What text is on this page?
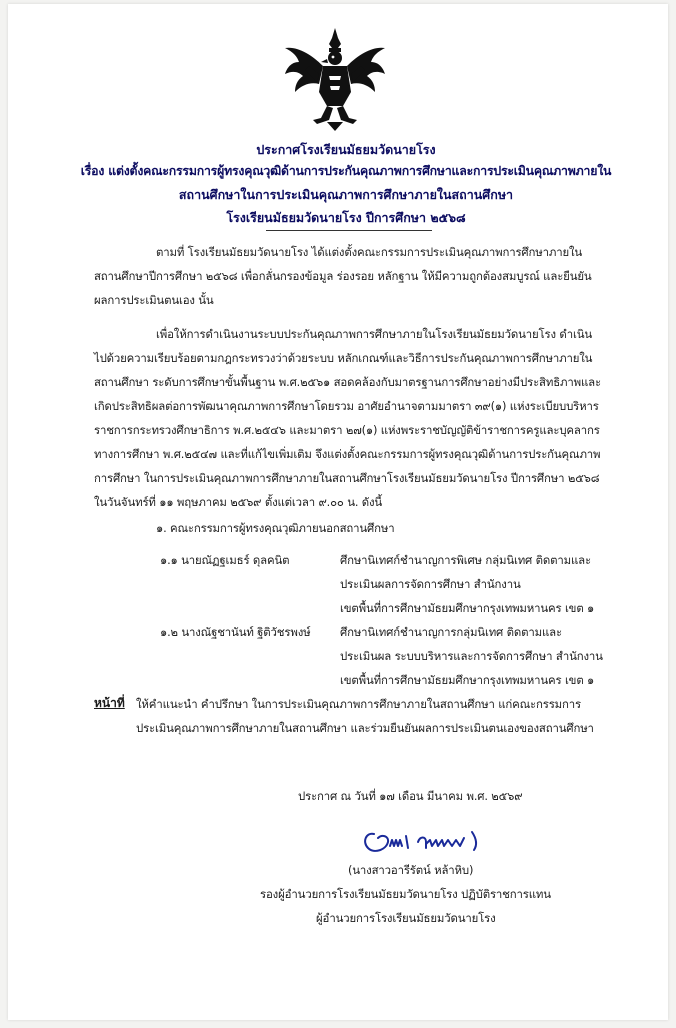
ประกาศโรงเรียนมัธยมวัดนายโรง
เรื่อง แต่งตั้งคณะกรรมการผู้ทรงคุณวุฒิด้านการประกันคุณภาพการศึกษาและการประเมินคุณภาพภายใน
สถานศึกษาในการประเมินคุณภาพการศึกษาภายในสถานศึกษา
โรงเรียนมัธยมวัดนายโรง ปีการศึกษา ๒๕๖๘
ตามที่ โรงเรียนมัธยมวัดนายโรง ได้แต่งตั้งคณะกรรมการประเมินคุณภาพการศึกษาภายใน
สถานศึกษาปีการศึกษา ๒๕๖๘ เพื่อกลั่นกรองข้อมูล ร่องรอย หลักฐาน ให้มีความถูกต้องสมบูรณ์ และยืนยัน
ผลการประเมินตนเอง นั้น
เพื่อให้การดำเนินงานระบบประกันคุณภาพการศึกษาภายในโรงเรียนมัธยมวัดนายโรง ดำเนิน
ไปด้วยความเรียบร้อยตามกฎกระทรวงว่าด้วยระบบ หลักเกณฑ์และวิธีการประกันคุณภาพการศึกษาภายใน
สถานศึกษา ระดับการศึกษาขั้นพื้นฐาน พ.ศ.๒๕๖๑ สอดคล้องกับมาตรฐานการศึกษาอย่างมีประสิทธิภาพและ
เกิดประสิทธิผลต่อการพัฒนาคุณภาพการศึกษาโดยรวม อาศัยอำนาจตามมาตรา ๓๙(๑) แห่งระเบียบบริหาร
ราชการกระทรวงศึกษาธิการ พ.ศ.๒๕๔๖ และมาตรา ๒๗(๑) แห่งพระราชบัญญัติข้าราชการครูและบุคลากร
ทางการศึกษา พ.ศ.๒๕๔๗ และที่แก้ไขเพิ่มเติม จึงแต่งตั้งคณะกรรมการผู้ทรงคุณวุฒิด้านการประกันคุณภาพ
การศึกษา ในการประเมินคุณภาพการศึกษาภายในสถานศึกษาโรงเรียนมัธยมวัดนายโรง ปีการศึกษา ๒๕๖๘
ในวันจันทร์ที่ ๑๑ พฤษภาคม ๒๕๖๙ ตั้งแต่เวลา ๙.๐๐ น. ดังนี้
๑. คณะกรรมการผู้ทรงคุณวุฒิภายนอกสถานศึกษา
๑.๑ นายณัฏฐเมธร์ ดุลคนิต	ศึกษานิเทศก์ชำนาญการพิเศษ กลุ่มนิเทศ ติดตามและ
ประเมินผลการจัดการศึกษา สำนักงาน
เขตพื้นที่การศึกษามัธยมศึกษากรุงเทพมหานคร เขต ๑
๑.๒ นางณัฐชานันท์ ฐิติวัชรพงษ์	ศึกษานิเทศก์ชำนาญการกลุ่มนิเทศ ติดตามและ
ประเมินผล ระบบบริหารและการจัดการศึกษา สำนักงาน
เขตพื้นที่การศึกษามัธยมศึกษากรุงเทพมหานคร เขต ๑
หน้าที่ ให้คำแนะนำ คำปรึกษา ในการประเมินคุณภาพการศึกษาภายในสถานศึกษา แก่คณะกรรมการ
ประเมินคุณภาพการศึกษาภายในสถานศึกษา และร่วมยืนยันผลการประเมินตนเองของสถานศึกษา
ประกาศ ณ วันที่ ๑๗ เดือน มีนาคม พ.ศ. ๒๕๖๙
(นางสาวอารีรัตน์ หล้าหิบ)
รองผู้อำนวยการโรงเรียนมัธยมวัดนายโรง ปฏิบัติราชการแทน
ผู้อำนวยการโรงเรียนมัธยมวัดนายโรง
